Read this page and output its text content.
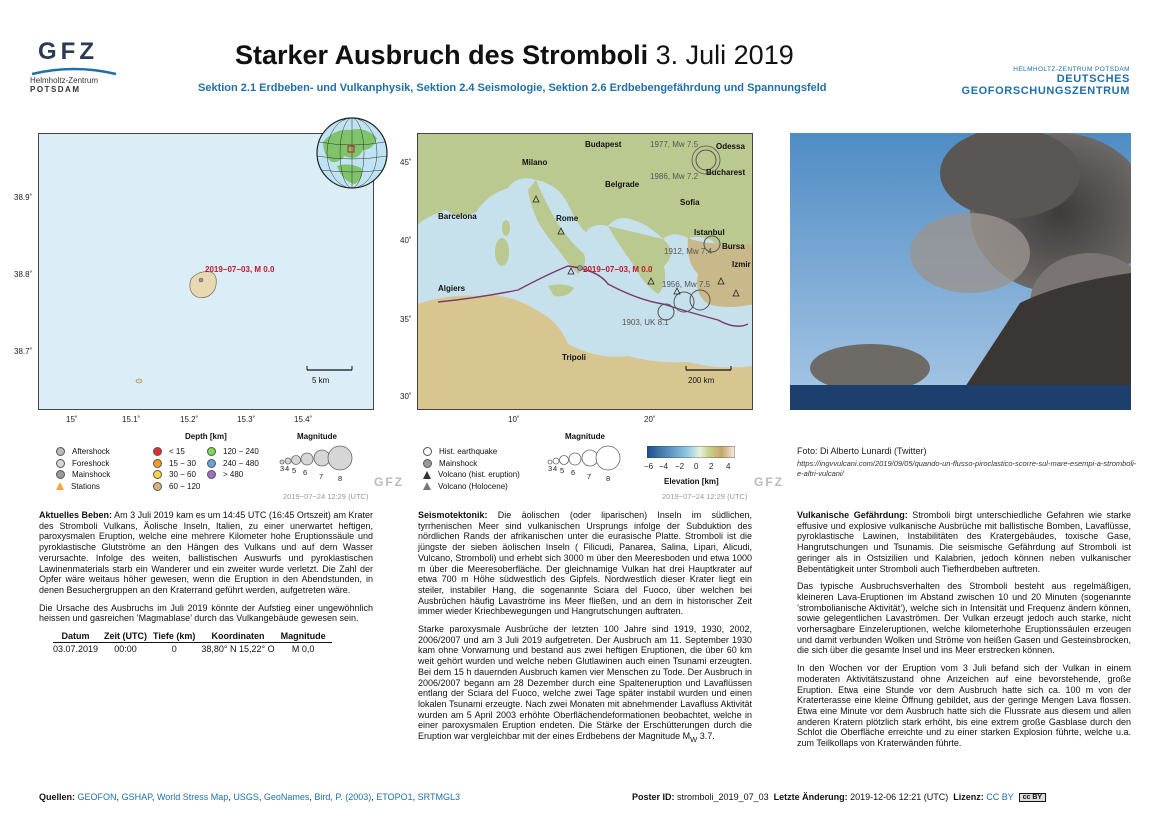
GFZ
Helmholtz-Zentrum
POTSDAM
Starker Ausbruch des Stromboli 3. Juli 2019
Sektion 2.1 Erdbeben- und Vulkanphysik, Sektion 2.4 Seismologie, Sektion 2.6 Erdbebengefährdung und Spannungsfeld
HELMHOLTZ-ZENTRUM POTSDAM
DEUTSCHES
GEOFORSCHUNGSZENTRUM
2019−07−03, M 0.0
5 km
38.9˚
38.8˚
38.7˚
15˚	15.1˚	15.2˚	15.3˚	15.4˚
Budapest	Odessa
Milano
Bucharest
Belgrade
Sofia
Barcelona	Rome
Istanbul
Bursa
Izmir
Algiers
Tripoli
2019−07−03, M 0.0
1977, Mw 7.5
1986, Mw 7.2
1912, Mw 7.4
1956, Mw 7.5
1903, UK 8.1
200 km
45˚
40˚
35˚
30˚
10˚	20˚
Depth [km]	Magnitude
Aftershock
Foreshock
Mainshock
Stations
< 15
15 − 30
30 − 60
60 − 120
120 − 240
240 − 480
> 480
3 4 5 6 7 8	GFZ
2019−07−24 12:29 (UTC)
Magnitude
Hist. earthquake
Mainshock
Volcano (hist. eruption)
Volcano (Holocene)
3 4 5 6 7 8
−6 −4 −2 0 2 4
Elevation [km]	GFZ
2019−07−24 12:29 (UTC)
Foto: Di Alberto Lunardi (Twitter)
https://ingvvulcani.com/2019/09/05/quando-un-flusso-piroclastico-scorre-sul-mare-esempi-a-stromboli-e-altri-vulcani/

Aktuelles Beben: Am 3 Juli 2019 kam es um 14:45 UTC (16:45 Ortszeit) am Krater des Stromboli Vulkans, Äolische Inseln, Italien, zu einer unerwartet heftigen, paroxysmalen Eruption, welche eine mehrere Kilometer hohe Eruptionssäule und pyroklastische Glutströme an den Hängen des Vulkans und auf dem Wasser verursachte. Infolge des weiten, ballistischen Auswurfs und pyroklastischen Lawinenmaterials starb ein Wanderer und ein zweiter wurde verletzt. Die Zahl der Opfer wäre weitaus höher gewesen, wenn die Eruption in den Abendstunden, in denen Besuchergruppen an den Kraterrand geführt werden, aufgetreten wäre.

Die Ursache des Ausbruchs im Juli 2019 könnte der Aufstieg einer ungewöhnlich heissen und gasreichen ’Magmablase’ durch das Vulkangebäude gewesen sein.

Datum	Zeit (UTC)	Tiefe (km)	Koordinaten	Magnitude
03.07.2019	00:00	0	38,80° N 15,22° O	M 0,0

Seismotektonik: Die äolischen (oder liparischen) Inseln im südlichen, tyrrhenischen Meer sind vulkanischen Ursprungs infolge der Subduktion des nördlichen Rands der afrikanischen unter die eurasische Platte. Stromboli ist die jüngste der sieben äolischen Inseln ( Filicudi, Panarea, Salina, Lipari, Alicudi, Vulcano, Stromboli) und erhebt sich 3000 m über den Meeresboden und etwa 1000 m über die Meeresoberfläche. Der gleichnamige Vulkan hat drei Hauptkrater auf etwa 700 m Höhe südwestlich des Gipfels. Nordwestlich dieser Krater liegt ein steiler, instabiler Hang, die sogenannte Sciara del Fuoco, über welchen bei Ausbrüchen häufig Lavaströme ins Meer fließen, und an dem in historischer Zeit immer wieder Kriechbewegungen und Hangrutschungen auftraten.

Starke paroxysmale Ausbrüche der letzten 100 Jahre sind 1919, 1930, 2002, 2006/2007 und am 3 Juli 2019 aufgetreten. Der Ausbruch am 11. September 1930 kam ohne Vorwarnung und bestand aus zwei heftigen Eruptionen, die über 60 km weit gehört wurden und welche neben Glutlawinen auch einen Tsunami erzeugten. Bei dem 15 h dauernden Ausbruch kamen vier Menschen zu Tode. Der Ausbruch in 2006/2007 begann am 28 Dezember durch eine Spalteneruption und Lavaflüssen entlang der Sciara del Fuoco, welche zwei Tage später instabil wurden und einen lokalen Tsunami erzeugte. Nach zwei Monaten mit abnehmender Lavafluss Aktivität wurden am 5 April 2003 erhöhte Oberflächendeformationen beobachtet, welche in einer paroxysmalen Eruption endeten. Die Stärke der Erschütterungen durch die Eruption war vergleichbar mit der eines Erdbebens der Magnitude $M_W$ 3.7.

Vulkanische Gefährdung: Stromboli birgt unterschiedliche Gefahren wie starke effusive und explosive vulkanische Ausbrüche mit ballistische Bomben, Lavaflüsse, pyroklastische Lawinen, Instabilitäten des Kratergebäudes, toxische Gase, Hangrutschungen und Tsunamis. Die seismische Gefährdung auf Stromboli ist geringer als in Ostsizilien und Kalabrien, jedoch können neben vulkanischer Bebentätigkeit unter Stromboli auch Tiefherdbeben auftreten.

Das typische Ausbruchsverhalten des Stromboli besteht aus regelmäßigen, kleineren Lava-Eruptionen im Abstand zwischen 10 und 20 Minuten (sogenannte ’strombolianische Aktivität’), welche sich in Intensität und Frequenz ändern können, sowie gelegentlichen Lavaströmen. Der Vulkan erzeugt jedoch auch starke, nicht vorhersagbare Einzeleruptionen, welche kilometerhohe Eruptionssäulen erzeugen und damit verbunden Wolken und Ströme von heißen Gasen und Gesteinsbrocken, die sich über die gesamte Insel und ins Meer erstrecken können.

In den Wochen vor der Eruption vom 3 Juli befand sich der Vulkan in einem moderaten Aktivitätszustand ohne Anzeichen auf eine bevorstehende, große Eruption. Etwa eine Stunde vor dem Ausbruch hatte sich ca. 100 m von der Kraterterasse eine kleine Öffnung gebildet, aus der geringe Mengen Lava flossen. Etwa eine Minute vor dem Ausbruch hatte sich die Flussrate aus diesem und allen anderen Kratern plötzlich stark erhöht, bis eine extrem große Gasblase durch den Schlot die Oberfläche erreichte und zu einer starken Explosion führte, welche u.a. zum Teilkollaps von Kraterwänden führte.

Quellen: GEOFON, GSHAP, World Stress Map, USGS, GeoNames, Bird, P. (2003), ETOPO1, SRTMGL3	Poster ID: stromboli_2019_07_03 Letzte Änderung: 2019-12-06 12:21 (UTC) Lizenz: CC BY cc BY
